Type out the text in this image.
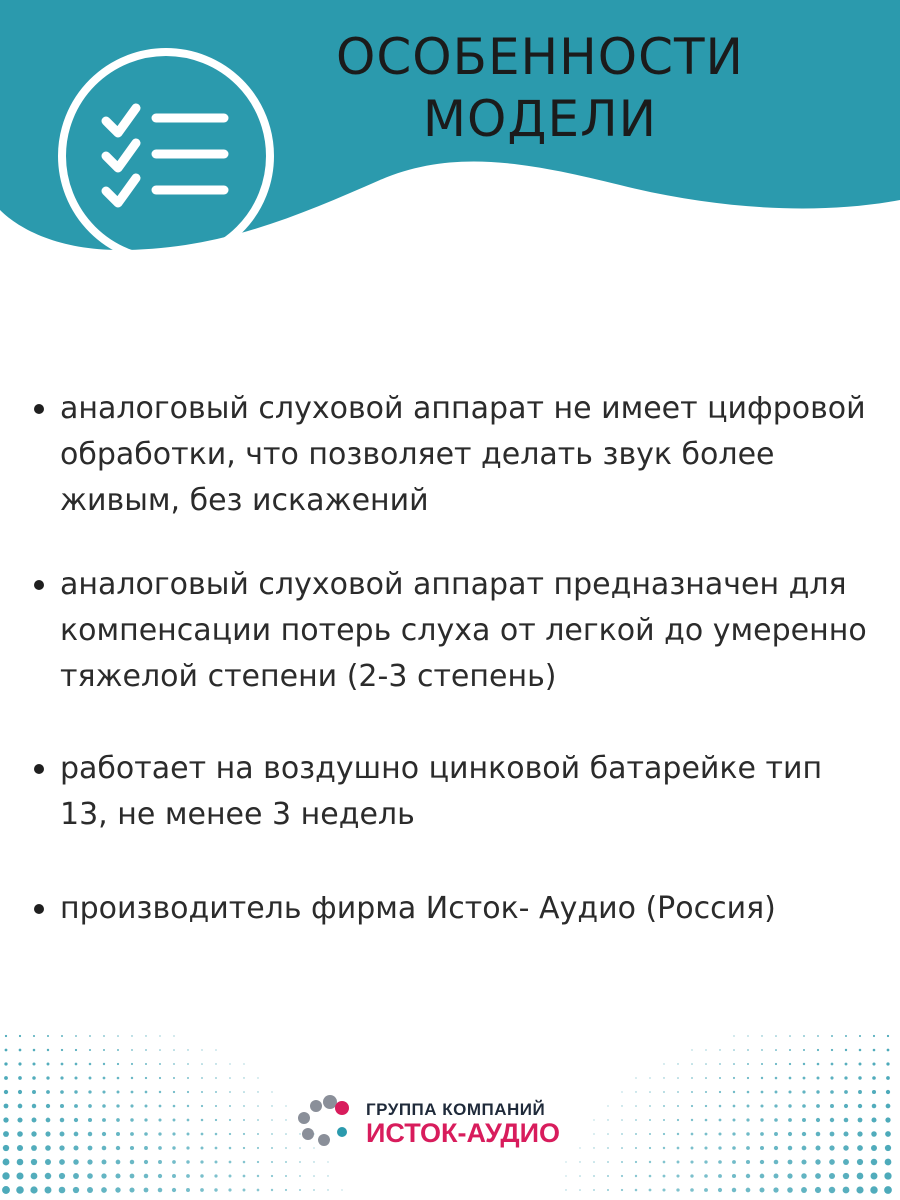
ОСОБЕННОСТИ
МОДЕЛИ
аналоговый слуховой аппарат не имеет цифровой обработки, что позволяет делать звук более живым, без искажений
аналоговый слуховой аппарат предназначен для компенсации потерь слуха от легкой до умеренно тяжелой степени (2-3 степень)
работает на воздушно цинковой батарейке тип 13, не менее 3 недель
производитель фирма Исток- Аудио (Россия)
ГРУППА КОМПАНИЙ
ИСТОК-АУДИО
